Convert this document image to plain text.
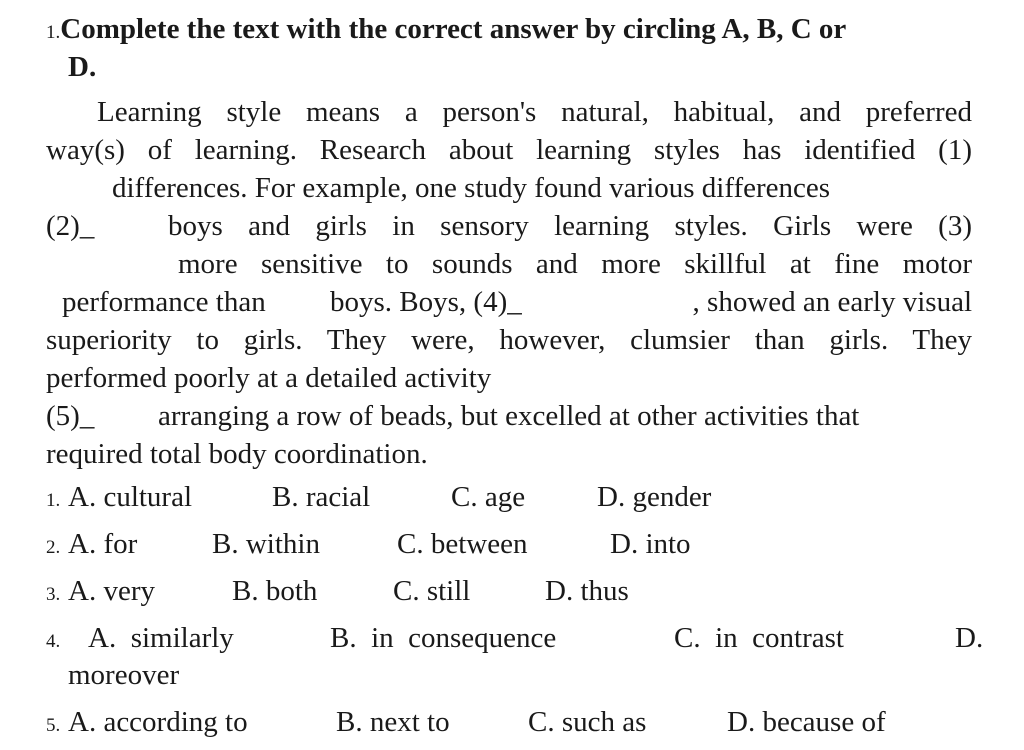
1.Complete the text with the correct answer by circling A, B, C or
D.
Learning style means a person's natural, habitual, and preferred
way(s) of learning. Research about learning styles has identified (1)
differences. For example, one study found various differences
(2)_	boys and girls in sensory learning styles. Girls were (3)
more sensitive to sounds and more skillful at fine motor
performance than boys. Boys, (4)_	, showed an early visual
superiority to girls. They were, however, clumsier than girls. They
performed poorly at a detailed activity
(5)_ arranging a row of beads, but excelled at other activities that
required total body coordination.
1. A. cultural	B. racial	C. age D. gender
2. A. for	B. within	C. between	D. into
3. A. very	B. both	C. still	D. thus
4. A.  similarly	B.  in  consequence	C.  in  contrast	D.
moreover
5. A. according to	B. next to	C. such as	D. because of
